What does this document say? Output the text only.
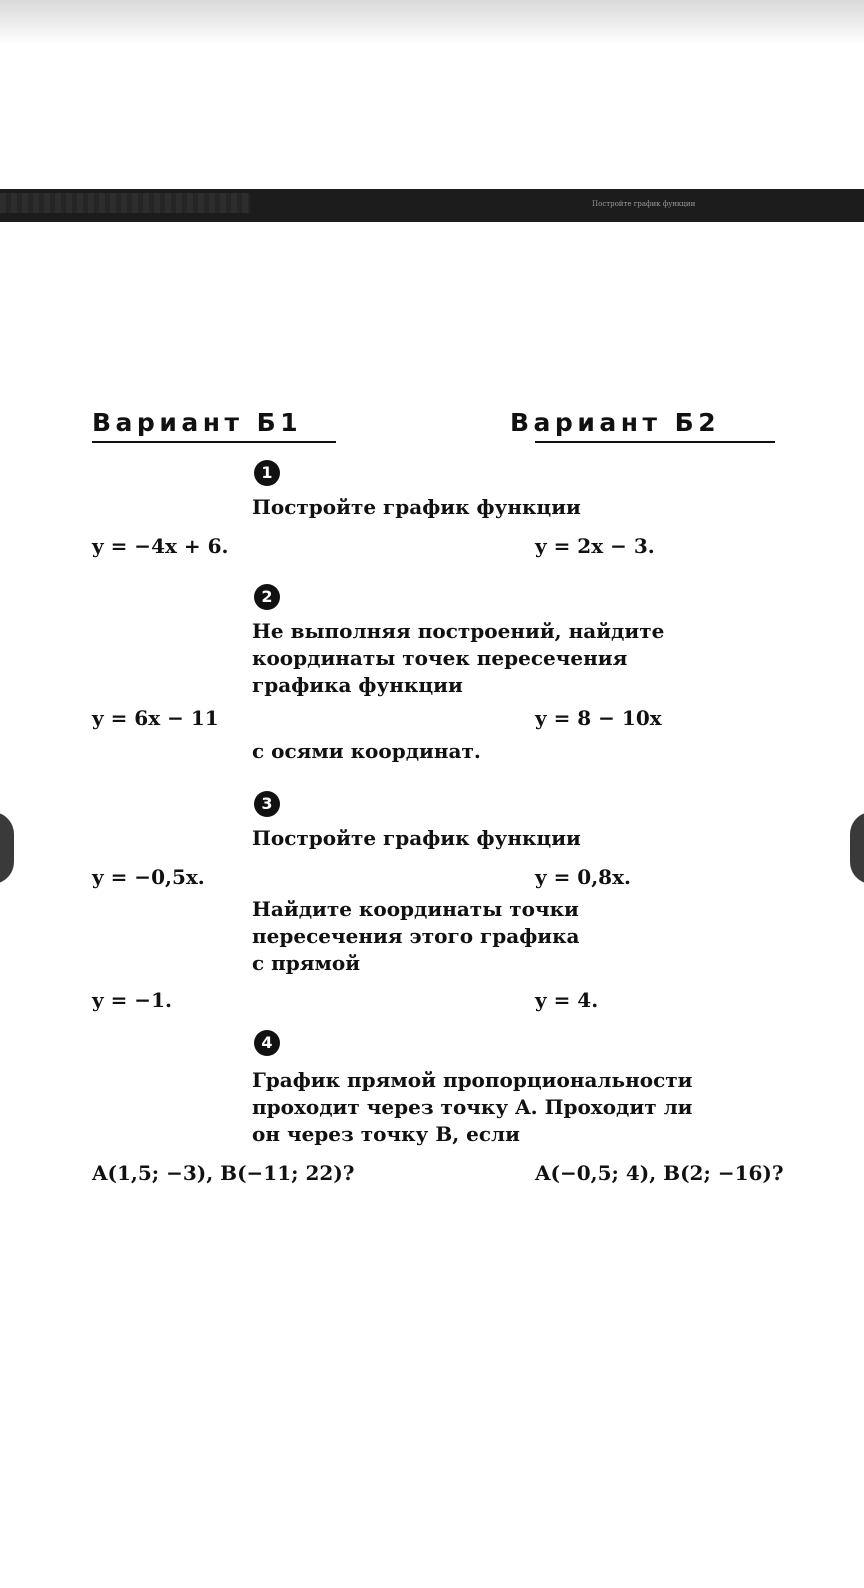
Постройте график функции
Вариант Б1	Вариант Б2
1
Постройте график функции
y = −4x + 6.	y = 2x − 3.
2
Не выполняя построений, найдите
координаты точек пересечения
графика функции
y = 6x − 11	y = 8 − 10x
с осями координат.
3
Постройте график функции
y = −0,5x.	y = 0,8x.
Найдите координаты точки
пересечения этого графика
с прямой
y = −1.	y = 4.
4
График прямой пропорциональности
проходит через точку A. Проходит ли
он через точку B, если
A(1,5; −3), B(−11; 22)?	A(−0,5; 4), B(2; −16)?
